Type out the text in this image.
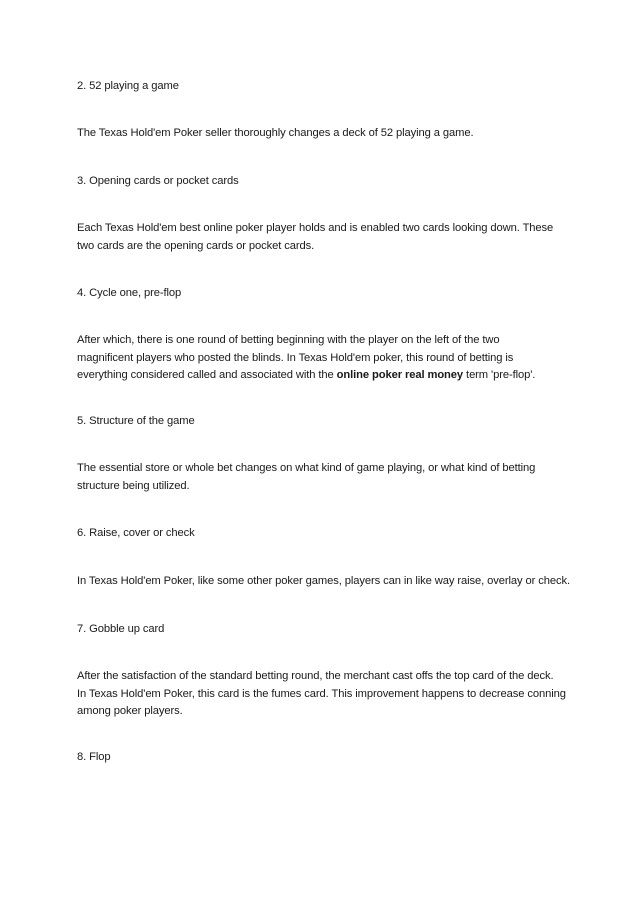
2. 52 playing a game
The Texas Hold'em Poker seller thoroughly changes a deck of 52 playing a game.
3. Opening cards or pocket cards
Each Texas Hold'em best online poker player holds and is enabled two cards looking down. These
two cards are the opening cards or pocket cards.
4. Cycle one, pre-flop
After which, there is one round of betting beginning with the player on the left of the two
magnificent players who posted the blinds. In Texas Hold'em poker, this round of betting is
everything considered called and associated with the online poker real money term 'pre-flop'.
5. Structure of the game
The essential store or whole bet changes on what kind of game playing, or what kind of betting
structure being utilized.
6. Raise, cover or check
In Texas Hold'em Poker, like some other poker games, players can in like way raise, overlay or check.
7. Gobble up card
After the satisfaction of the standard betting round, the merchant cast offs the top card of the deck.
In Texas Hold'em Poker, this card is the fumes card. This improvement happens to decrease conning
among poker players.
8. Flop
